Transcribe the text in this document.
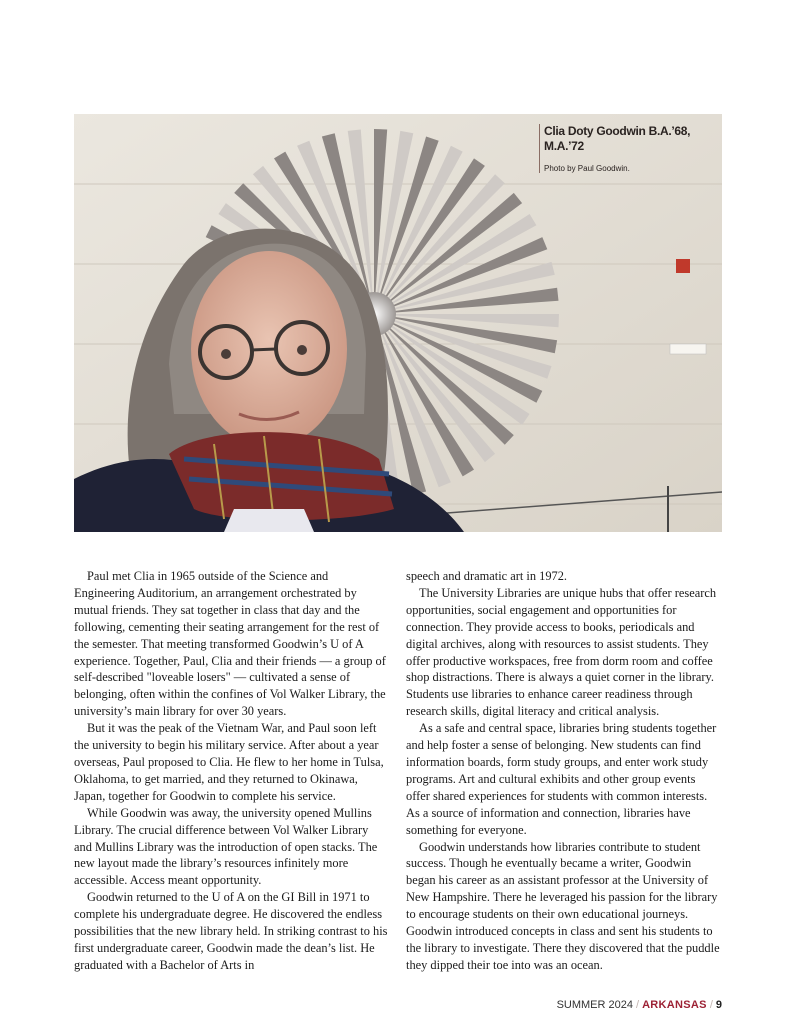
Clia Doty Goodwin B.A.’68, M.A.’72
Photo by Paul Goodwin.

Paul met Clia in 1965 outside of the Science and Engineering Auditorium, an arrangement orchestrated by mutual friends. They sat together in class that day and the following, cementing their seating arrangement for the rest of the semester. That meeting transformed Goodwin’s U of A experience. Together, Paul, Clia and their friends — a group of self-described "loveable losers" — cultivated a sense of belonging, often within the confines of Vol Walker Library, the university’s main library for over 30 years.

But it was the peak of the Vietnam War, and Paul soon left the university to begin his military service. After about a year overseas, Paul proposed to Clia. He flew to her home in Tulsa, Oklahoma, to get married, and they returned to Okinawa, Japan, together for Goodwin to complete his service.

While Goodwin was away, the university opened Mullins Library. The crucial difference between Vol Walker Library and Mullins Library was the introduction of open stacks. The new layout made the library’s resources infinitely more accessible. Access meant opportunity.

Goodwin returned to the U of A on the GI Bill in 1971 to complete his undergraduate degree. He discovered the endless possibilities that the new library held. In striking contrast to his first undergraduate career, Goodwin made the dean’s list. He graduated with a Bachelor of Arts in

speech and dramatic art in 1972.

The University Libraries are unique hubs that offer research opportunities, social engagement and opportunities for connection. They provide access to books, periodicals and digital archives, along with resources to assist students. They offer productive workspaces, free from dorm room and coffee shop distractions. There is always a quiet corner in the library. Students use libraries to enhance career readiness through research skills, digital literacy and critical analysis.

As a safe and central space, libraries bring students together and help foster a sense of belonging. New students can find information boards, form study groups, and enter work study programs. Art and cultural exhibits and other group events offer shared experiences for students with common interests. As a source of information and connection, libraries have something for everyone.

Goodwin understands how libraries contribute to student success. Though he eventually became a writer, Goodwin began his career as an assistant professor at the University of New Hampshire. There he leveraged his passion for the library to encourage students on their own educational journeys. Goodwin introduced concepts in class and sent his students to the library to investigate. There they discovered that the puddle they dipped their toe into was an ocean.

SUMMER 2024 / ARKANSAS / 9
